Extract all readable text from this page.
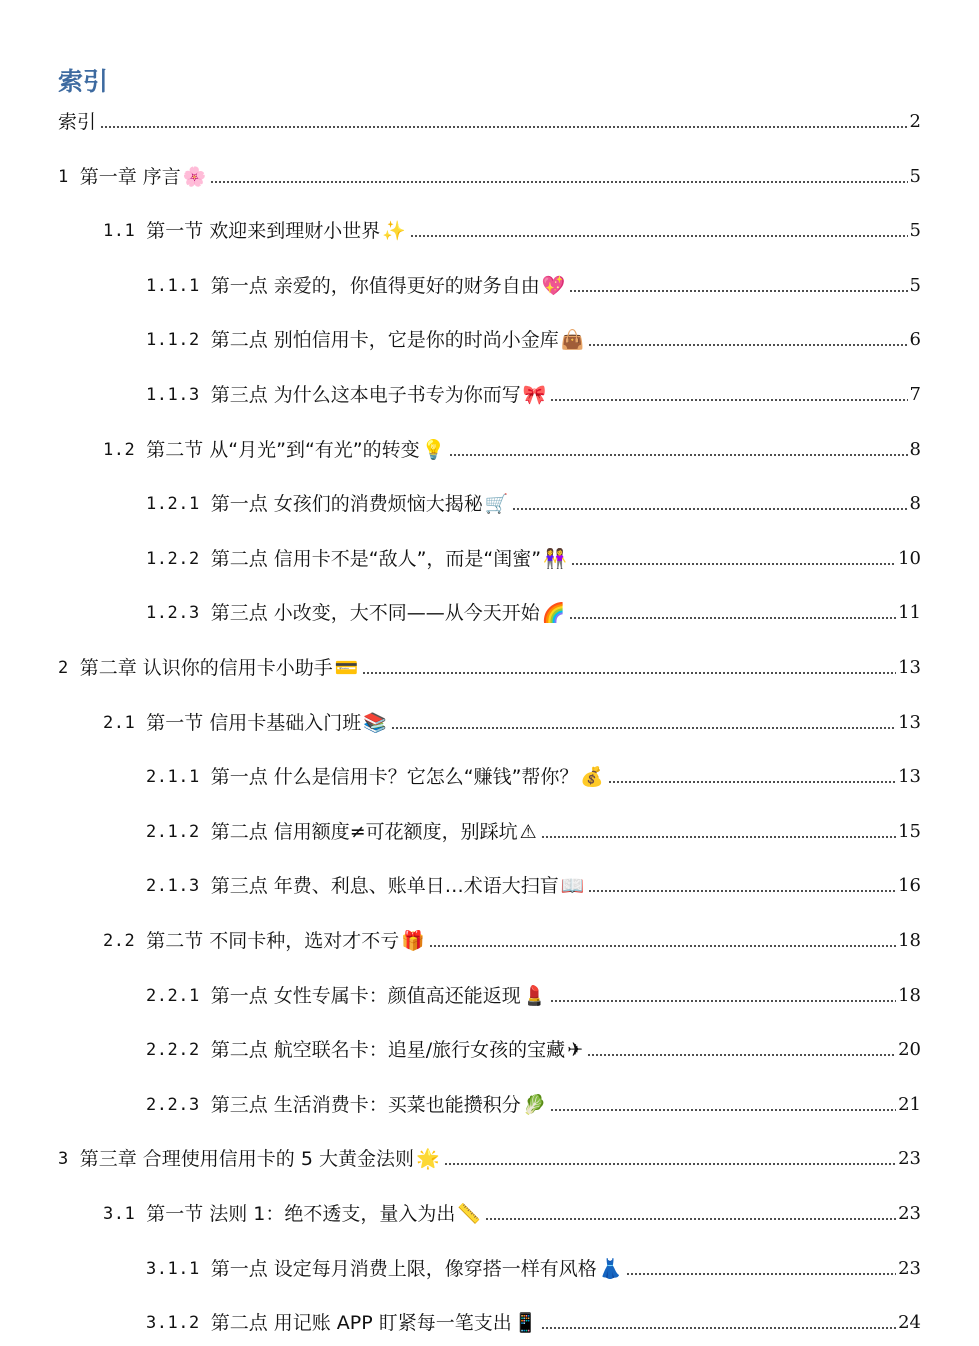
索引
索引	2
1 第一章 序言 🌸	5
1.1 第一节 欢迎来到理财小世界 ✨	5
1.1.1 第一点 亲爱的，你值得更好的财务自由 💖	5
1.1.2 第二点 别怕信用卡，它是你的时尚小金库 👜	6
1.1.3 第三点 为什么这本电子书专为你而写 🎀	7
1.2 第二节 从“月光”到“有光”的转变 💡	8
1.2.1 第一点 女孩们的消费烦恼大揭秘 🛒	8
1.2.2 第二点 信用卡不是“敌人”，而是“闺蜜” 👭	10
1.2.3 第三点 小改变，大不同——从今天开始 🌈	11
2 第二章 认识你的信用卡小助手 💳	13
2.1 第一节 信用卡基础入门班 📚	13
2.1.1 第一点 什么是信用卡？它怎么“赚钱”帮你？ 💰	13
2.1.2 第二点 信用额度≠可花额度，别踩坑 ⚠	15
2.1.3 第三点 年费、利息、账单日…术语大扫盲 📖	16
2.2 第二节 不同卡种，选对才不亏 🎁	18
2.2.1 第一点 女性专属卡：颜值高还能返现 💄	18
2.2.2 第二点 航空联名卡：追星/旅行女孩的宝藏 ✈	20
2.2.3 第三点 生活消费卡：买菜也能攒积分 🥬	21
3 第三章 合理使用信用卡的 5 大黄金法则 🌟	23
3.1 第一节 法则 1：绝不透支，量入为出 📏	23
3.1.1 第一点 设定每月消费上限，像穿搭一样有风格 👗	23
3.1.2 第二点 用记账 APP 盯紧每一笔支出 📱	24
